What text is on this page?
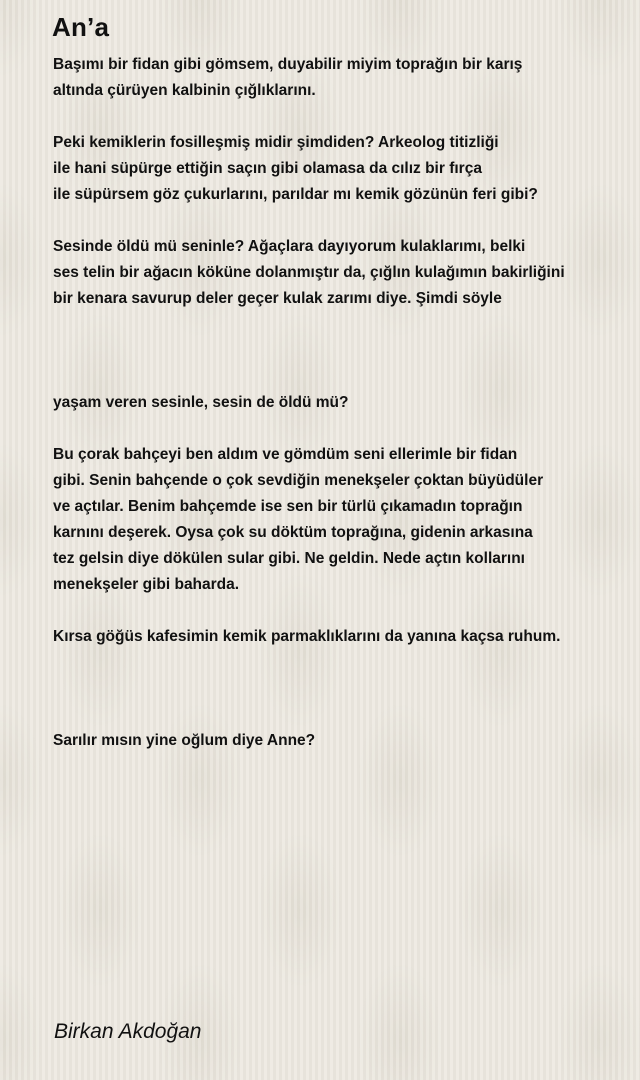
An’a
Başımı bir fidan gibi gömsem, duyabilir miyim toprağın bir karış
altında çürüyen kalbinin çığlıklarını.
Peki kemiklerin fosilleşmiş midir şimdiden? Arkeolog titizliği
ile hani süpürge ettiğin saçın gibi olamasa da cılız bir fırça
ile süpürsem göz çukurlarını, parıldar mı kemik gözünün feri gibi?
Sesinde öldü mü seninle? Ağaçlara dayıyorum kulaklarımı, belki
ses telin bir ağacın köküne dolanmıştır da, çığlın kulağımın bakirliğini
bir kenara savurup deler geçer kulak zarımı diye. Şimdi söyle
yaşam veren sesinle, sesin de öldü mü?
Bu çorak bahçeyi ben aldım ve gömdüm seni ellerimle bir fidan
gibi. Senin bahçende o çok sevdiğin menekşeler çoktan büyüdüler
ve açtılar. Benim bahçemde ise sen bir türlü çıkamadın toprağın
karnını deşerek. Oysa çok su döktüm toprağına, gidenin arkasına
tez gelsin diye dökülen sular gibi. Ne geldin. Nede açtın kollarını
menekşeler gibi baharda.
Kırsa göğüs kafesimin kemik parmaklıklarını da yanına kaçsa ruhum.
Sarılır mısın yine oğlum diye Anne?
Birkan Akdoğan
